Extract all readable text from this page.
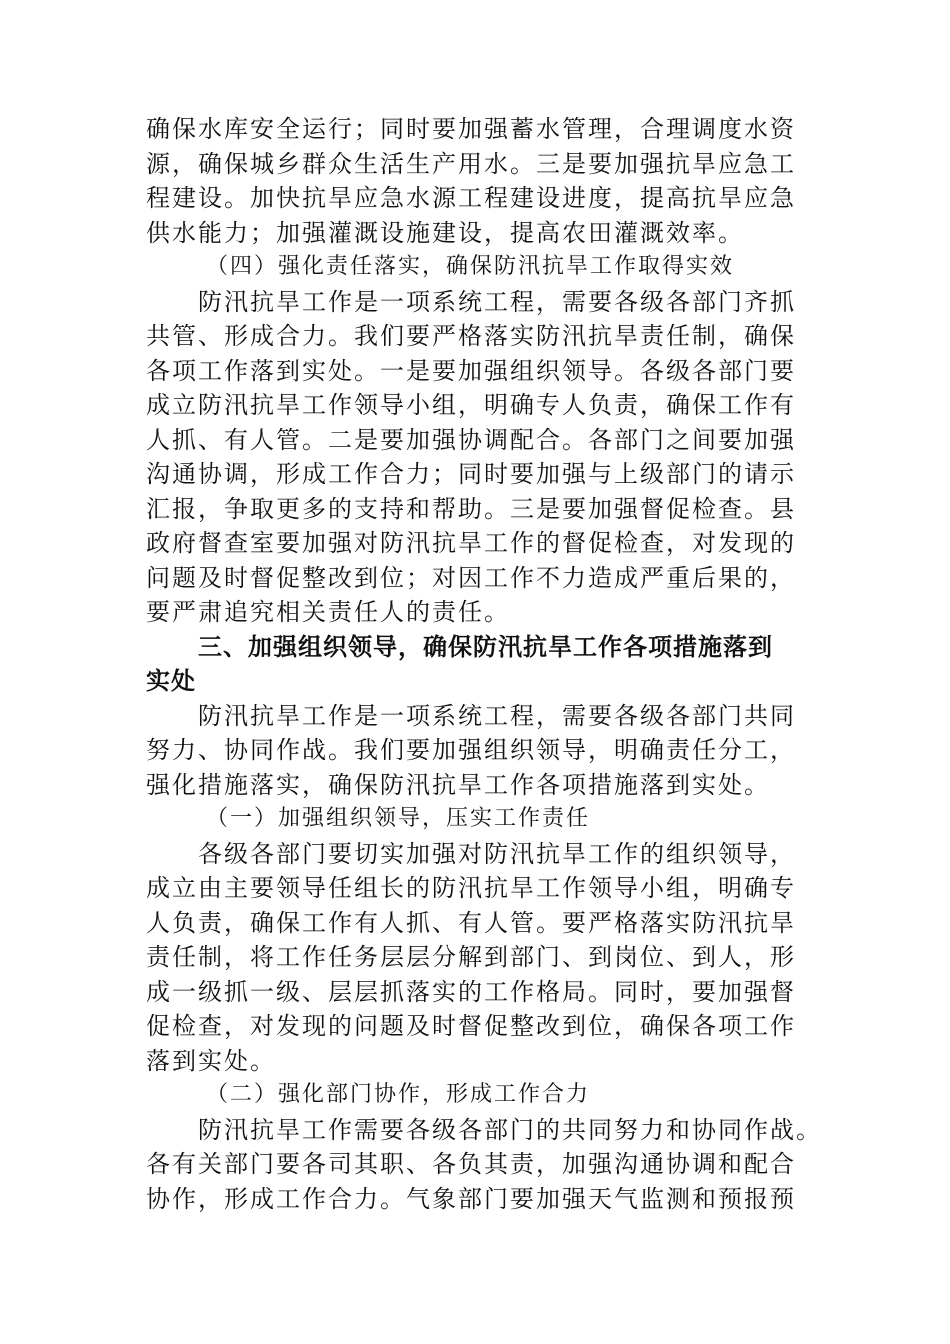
确保水库安全运行；同时要加强蓄水管理，合理调度水资
源，确保城乡群众生活生产用水。三是要加强抗旱应急工
程建设。加快抗旱应急水源工程建设进度，提高抗旱应急
供水能力；加强灌溉设施建设，提高农田灌溉效率。
（四）强化责任落实，确保防汛抗旱工作取得实效
防汛抗旱工作是一项系统工程，需要各级各部门齐抓
共管、形成合力。我们要严格落实防汛抗旱责任制，确保
各项工作落到实处。一是要加强组织领导。各级各部门要
成立防汛抗旱工作领导小组，明确专人负责，确保工作有
人抓、有人管。二是要加强协调配合。各部门之间要加强
沟通协调，形成工作合力；同时要加强与上级部门的请示
汇报，争取更多的支持和帮助。三是要加强督促检查。县
政府督查室要加强对防汛抗旱工作的督促检查，对发现的
问题及时督促整改到位；对因工作不力造成严重后果的，
要严肃追究相关责任人的责任。
三、加强组织领导，确保防汛抗旱工作各项措施落到
实处
防汛抗旱工作是一项系统工程，需要各级各部门共同
努力、协同作战。我们要加强组织领导，明确责任分工，
强化措施落实，确保防汛抗旱工作各项措施落到实处。
（一）加强组织领导，压实工作责任
各级各部门要切实加强对防汛抗旱工作的组织领导，
成立由主要领导任组长的防汛抗旱工作领导小组，明确专
人负责，确保工作有人抓、有人管。要严格落实防汛抗旱
责任制，将工作任务层层分解到部门、到岗位、到人，形
成一级抓一级、层层抓落实的工作格局。同时，要加强督
促检查，对发现的问题及时督促整改到位，确保各项工作
落到实处。
（二）强化部门协作，形成工作合力
防汛抗旱工作需要各级各部门的共同努力和协同作战。
各有关部门要各司其职、各负其责，加强沟通协调和配合
协作，形成工作合力。气象部门要加强天气监测和预报预
